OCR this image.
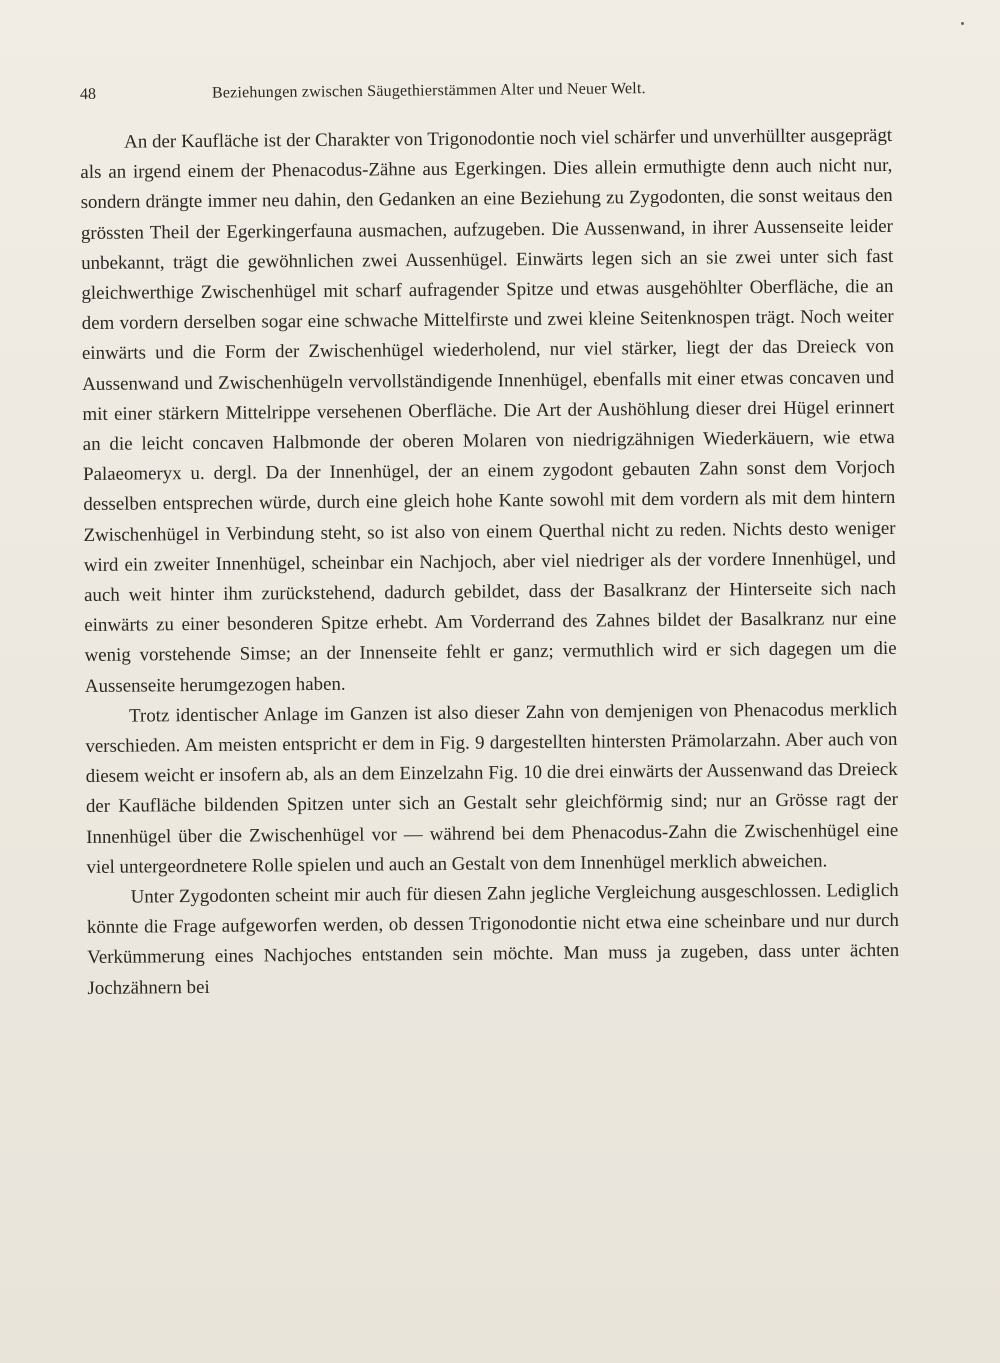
48	Beziehungen zwischen Säugethierstämmen Alter und Neuer Welt.

An der Kaufläche ist der Charakter von Trigonodontie noch viel schärfer und unverhüllter ausgeprägt als an irgend einem der Phenacodus-Zähne aus Egerkingen. Dies allein ermuthigte denn auch nicht nur, sondern drängte immer neu dahin, den Gedanken an eine Beziehung zu Zygodonten, die sonst weitaus den grössten Theil der Egerkingerfauna ausmachen, aufzugeben. Die Aussenwand, in ihrer Aussenseite leider unbekannt, trägt die gewöhnlichen zwei Aussenhügel. Einwärts legen sich an sie zwei unter sich fast gleichwerthige Zwischenhügel mit scharf aufragender Spitze und etwas ausgehöhlter Oberfläche, die an dem vordern derselben sogar eine schwache Mittelfirste und zwei kleine Seitenknospen trägt. Noch weiter einwärts und die Form der Zwischenhügel wiederholend, nur viel stärker, liegt der das Dreieck von Aussenwand und Zwischenhügeln vervollständigende Innenhügel, ebenfalls mit einer etwas concaven und mit einer stärkern Mittelrippe versehenen Oberfläche. Die Art der Aushöhlung dieser drei Hügel erinnert an die leicht concaven Halbmonde der oberen Molaren von niedrigzähnigen Wiederkäuern, wie etwa Palaeomeryx u. dergl. Da der Innenhügel, der an einem zygodont gebauten Zahn sonst dem Vorjoch desselben entsprechen würde, durch eine gleich hohe Kante sowohl mit dem vordern als mit dem hintern Zwischenhügel in Verbindung steht, so ist also von einem Querthal nicht zu reden. Nichts desto weniger wird ein zweiter Innenhügel, scheinbar ein Nachjoch, aber viel niedriger als der vordere Innenhügel, und auch weit hinter ihm zurückstehend, dadurch gebildet, dass der Basalkranz der Hinterseite sich nach einwärts zu einer besonderen Spitze erhebt. Am Vorderrand des Zahnes bildet der Basalkranz nur eine wenig vorstehende Simse; an der Innenseite fehlt er ganz; vermuthlich wird er sich dagegen um die Aussenseite herumgezogen haben.

Trotz identischer Anlage im Ganzen ist also dieser Zahn von demjenigen von Phenacodus merklich verschieden. Am meisten entspricht er dem in Fig. 9 dargestellten hintersten Prämolarzahn. Aber auch von diesem weicht er insofern ab, als an dem Einzelzahn Fig. 10 die drei einwärts der Aussenwand das Dreieck der Kaufläche bildenden Spitzen unter sich an Gestalt sehr gleichförmig sind; nur an Grösse ragt der Innenhügel über die Zwischenhügel vor — während bei dem Phenacodus-Zahn die Zwischenhügel eine viel untergeordnetere Rolle spielen und auch an Gestalt von dem Innenhügel merklich abweichen.

Unter Zygodonten scheint mir auch für diesen Zahn jegliche Vergleichung ausgeschlossen. Lediglich könnte die Frage aufgeworfen werden, ob dessen Trigonodontie nicht etwa eine scheinbare und nur durch Verkümmerung eines Nachjoches entstanden sein möchte. Man muss ja zugeben, dass unter ächten Jochzähnern bei
